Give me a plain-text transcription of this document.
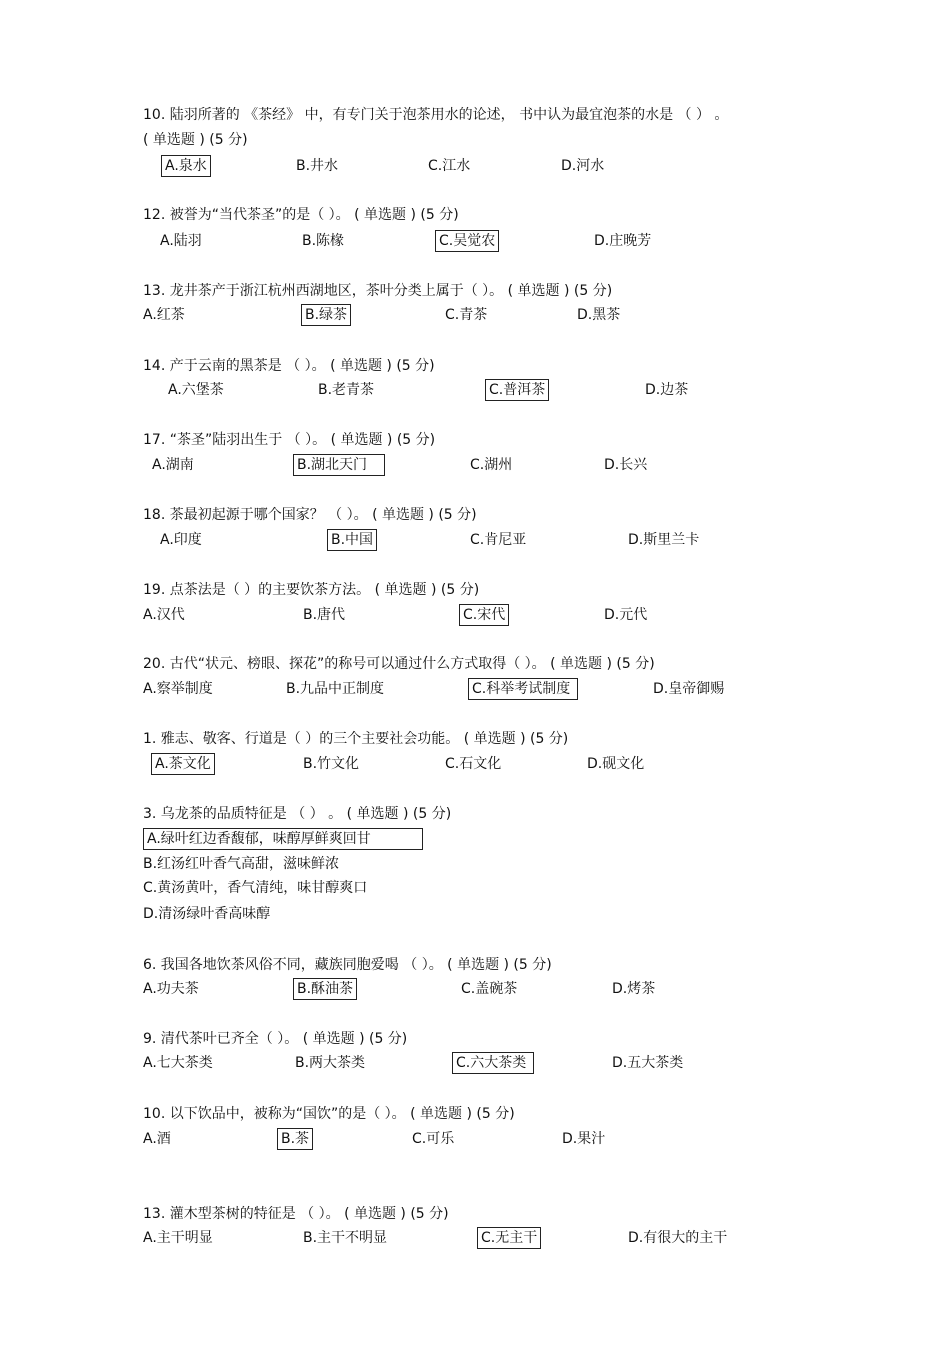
10. 陆羽所著的 《茶经》 中，有专门关于泡茶用水的论述， 书中认为最宜泡茶的水是 （ ） 。
( 单选题 ) (5 分)
A.泉水	B.井水	C.江水	D.河水
12. 被誉为“当代茶圣”的是（ ）。 ( 单选题 ) (5 分)
A.陆羽	B.陈椽	C.吴觉农	D.庄晚芳
13. 龙井茶产于浙江杭州西湖地区，茶叶分类上属于（ ）。 ( 单选题 ) (5 分)
A.红茶	B.绿茶	C.青茶	D.黑茶
14. 产于云南的黑茶是 （ ）。 ( 单选题 ) (5 分)
A.六堡茶	B.老青茶	C.普洱茶	D.边茶
17. “茶圣”陆羽出生于 （ ）。 ( 单选题 ) (5 分)
A.湖南	B.湖北天门	C.湖州	D.长兴
18. 茶最初起源于哪个国家？ （ ）。 ( 单选题 ) (5 分)
A.印度	B.中国	C.肯尼亚	D.斯里兰卡
19. 点茶法是（ ）的主要饮茶方法。 ( 单选题 ) (5 分)
A.汉代	B.唐代	C.宋代	D.元代
20. 古代“状元、榜眼、探花”的称号可以通过什么方式取得（ ）。 ( 单选题 ) (5 分)
A.察举制度	B.九品中正制度	C.科举考试制度	D.皇帝御赐
1. 雅志、敬客、行道是（ ）的三个主要社会功能。 ( 单选题 ) (5 分)
A.茶文化	B.竹文化	C.石文化	D.砚文化
3. 乌龙茶的品质特征是 （ ） 。 ( 单选题 ) (5 分)
A.绿叶红边香馥郁，味醇厚鲜爽回甘
B.红汤红叶香气高甜，滋味鲜浓
C.黄汤黄叶，香气清纯，味甘醇爽口
D.清汤绿叶香高味醇
6. 我国各地饮茶风俗不同，藏族同胞爱喝 （ ）。 ( 单选题 ) (5 分)
A.功夫茶	B.酥油茶	C.盖碗茶	D.烤茶
9. 清代茶叶已齐全（ ）。 ( 单选题 ) (5 分)
A.七大茶类	B.两大茶类	C.六大茶类	D.五大茶类
10. 以下饮品中，被称为“国饮”的是（ ）。 ( 单选题 ) (5 分)
A.酒	B.茶	C.可乐	D.果汁
13. 灌木型茶树的特征是 （ ）。 ( 单选题 ) (5 分)
A.主干明显	B.主干不明显	C.无主干	D.有很大的主干
